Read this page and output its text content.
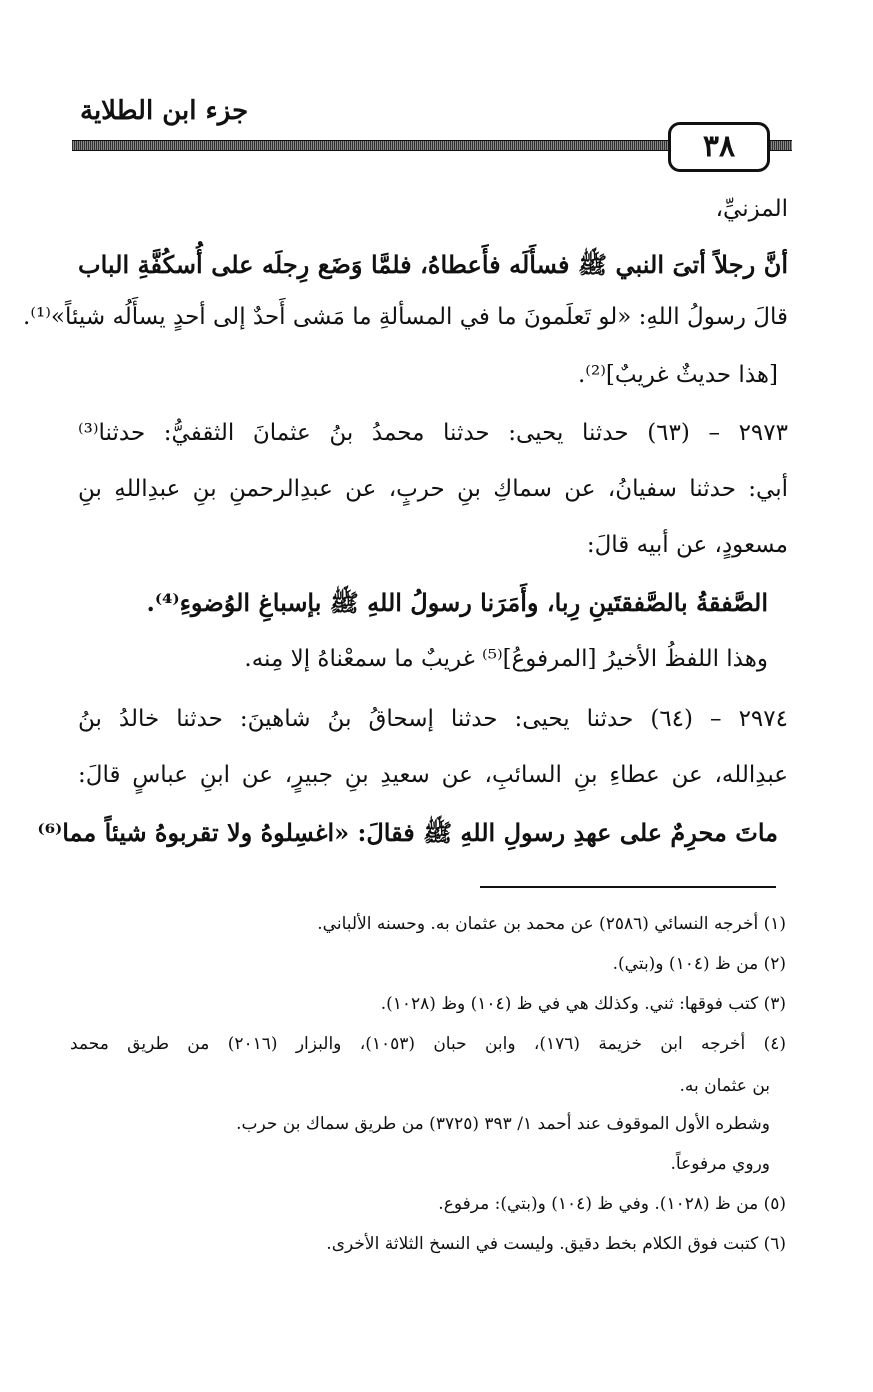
جزء ابن الطلاية
٣٨
المزنيِّ،
أنَّ رجلاً أتىَ النبي ﷺ فسأَلَه فأَعطاهُ، فلمَّا وَضَع رِجلَه على أُسكُفَّةِ الباب
قالَ رسولُ اللهِ: «لو تَعلَمونَ ما في المسألةِ ما مَشى أَحدٌ إلى أحدٍ يسأَلُه شيئاً»⁽¹⁾.
[هذا حديثٌ غريبٌ]⁽²⁾.
٢٩٧٣ – (٦٣) حدثنا يحيى: حدثنا محمدُ بنُ عثمانَ الثقفيُّ: حدثنا⁽³⁾
أبي: حدثنا سفيانُ، عن سماكِ بنِ حربٍ، عن عبدِالرحمنِ بنِ عبدِاللهِ بنِ
مسعودٍ، عن أبيه قالَ:
الصَّفقةُ بالصَّفقتَينِ رِبا، وأَمَرَنا رسولُ اللهِ ﷺ بإسباغِ الوُضوءِ⁽⁴⁾.
وهذا اللفظُ الأخيرُ [المرفوعُ]⁽⁵⁾ غريبٌ ما سمعْناهُ إلا مِنه.
٢٩٧٤ – (٦٤) حدثنا يحيى: حدثنا إسحاقُ بنُ شاهينَ: حدثنا خالدُ بنُ
عبدِالله، عن عطاءِ بنِ السائبِ، عن سعيدِ بنِ جبيرٍ، عن ابنِ عباسٍ قالَ:
ماتَ محرِمٌ على عهدِ رسولِ اللهِ ﷺ فقالَ: «اغسِلوهُ ولا تقربوهُ شيئاً مما⁽⁶⁾
(١) أخرجه النسائي (٢٥٨٦) عن محمد بن عثمان به. وحسنه الألباني.
(٢) من ظ (١٠٤) و(بتي).
(٣) كتب فوقها: ثني. وكذلك هي في ظ (١٠٤) وظ (١٠٢٨).
(٤) أخرجه ابن خزيمة (١٧٦)، وابن حبان (١٠٥٣)، والبزار (٢٠١٦) من طريق محمد
بن عثمان به.
وشطره الأول الموقوف عند أحمد ١/ ٣٩٣ (٣٧٢٥) من طريق سماك بن حرب.
وروي مرفوعاً.
(٥) من ظ (١٠٢٨). وفي ظ (١٠٤) و(بتي): مرفوع.
(٦) كتبت فوق الكلام بخط دقيق. وليست في النسخ الثلاثة الأخرى.
